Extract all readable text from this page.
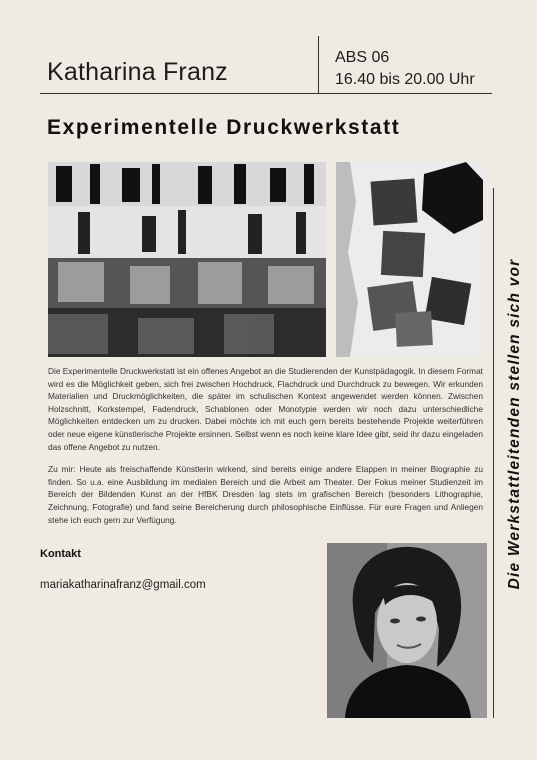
Katharina Franz
ABS 06
16.40 bis 20.00 Uhr
Experimentelle Druckwerkstatt

Die Experimentelle Druckwerkstatt ist ein offenes Angebot an die Studierenden der Kunstpädagogik. In diesem Format wird es die Möglichkeit geben, sich frei zwischen Hochdruck, Flachdruck und Durchdruck zu bewegen. Wir erkunden Materialien und Druckmöglichkeiten, die später im schulischen Kontext angewendet werden können. Zwischen Holzschnitt, Korkstempel, Fadendruck, Schablonen oder Monotypie werden wir noch dazu unterschiedliche Möglichkeiten entdecken um zu drucken. Dabei möchte ich mit euch gern bereits bestehende Projekte weiterführen oder neue eigene künstlerische Projekte ersinnen. Selbst wenn es noch keine klare Idee gibt, seid ihr dazu eingeladen das offene Angebot zu nutzen.

Zu mir: Heute als freischaffende Künstlerin wirkend, sind bereits einige andere Etappen in meiner Biographie zu finden. So u.a. eine Ausbildung im medialen Bereich und die Arbeit am Theater. Der Fokus meiner Studienzeit im Bereich der Bildenden Kunst an der HfBK Dresden lag stets im grafischen Bereich (besonders Lithographie, Zeichnung, Fotografie) und fand seine Bereicherung durch philosophische Einflüsse. Für eure Fragen und Anliegen stehe ich euch gern zur Verfügung.

Kontakt
mariakatharinafranz@gmail.com	Die Werkstattleitenden stellen sich vor
